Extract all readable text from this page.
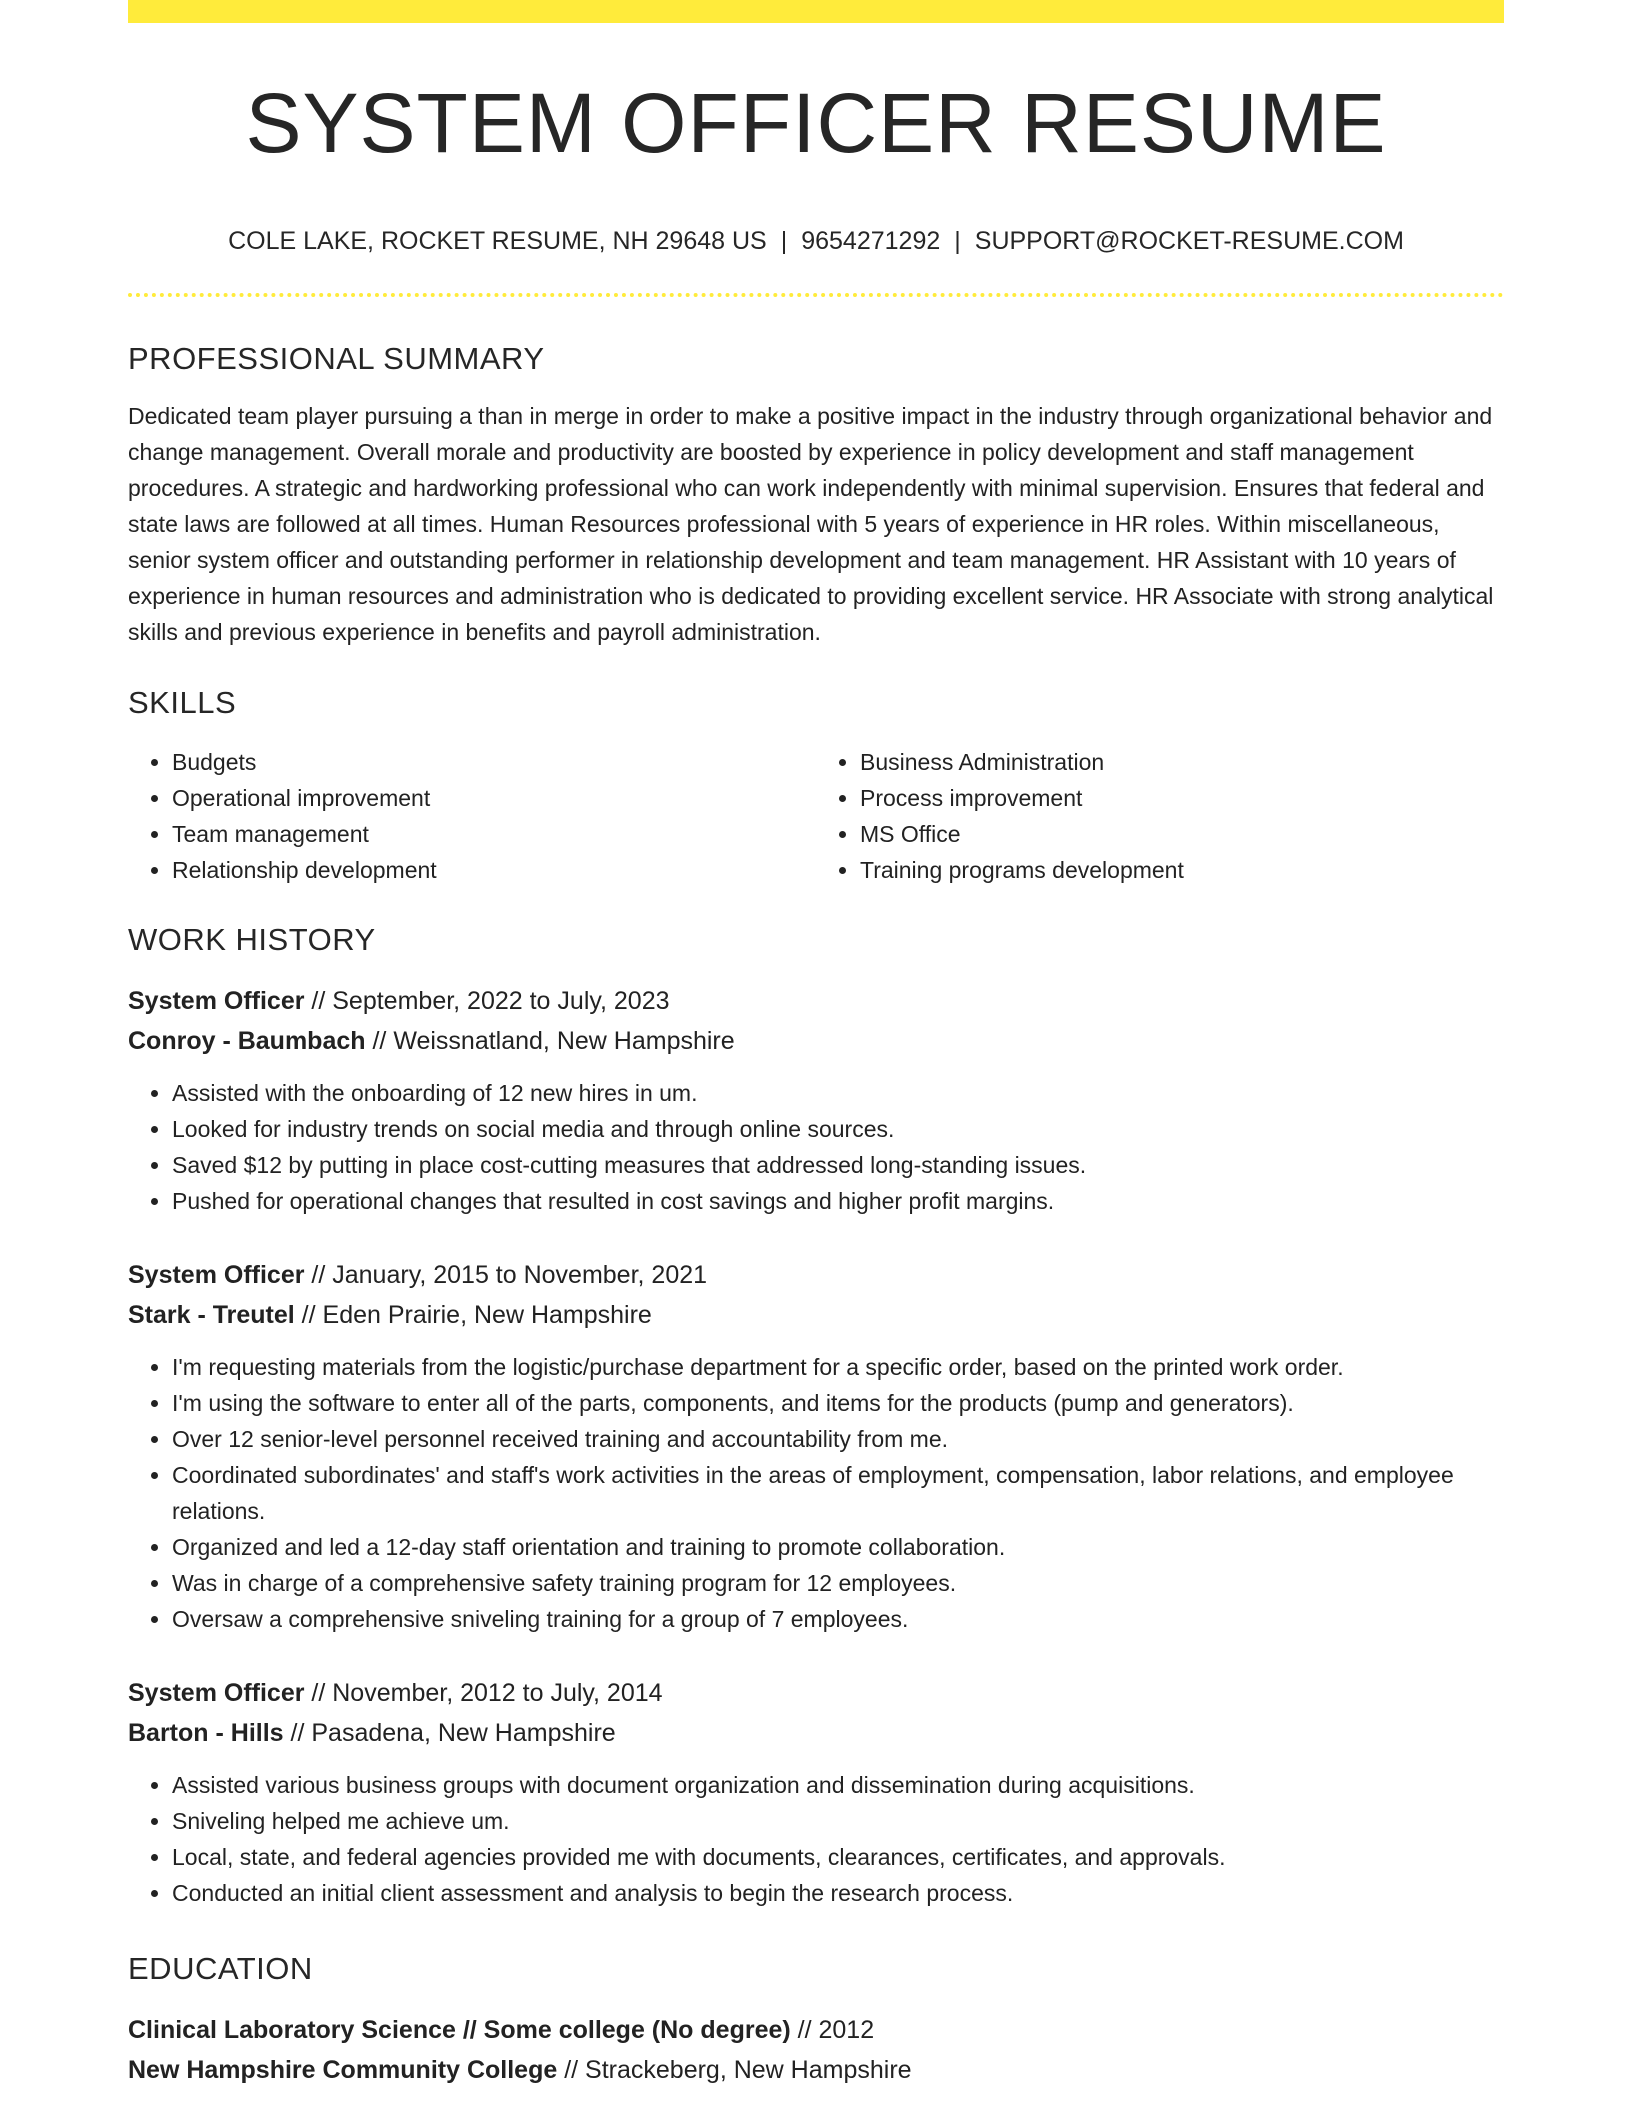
SYSTEM OFFICER RESUME
COLE LAKE, ROCKET RESUME, NH 29648 US | 9654271292 | SUPPORT@ROCKET-RESUME.COM
PROFESSIONAL SUMMARY

Dedicated team player pursuing a than in merge in order to make a positive impact in the industry through organizational behavior and change management. Overall morale and productivity are boosted by experience in policy development and staff management procedures. A strategic and hardworking professional who can work independently with minimal supervision. Ensures that federal and state laws are followed at all times. Human Resources professional with 5 years of experience in HR roles. Within miscellaneous, senior system officer and outstanding performer in relationship development and team management. HR Assistant with 10 years of experience in human resources and administration who is dedicated to providing excellent service. HR Associate with strong analytical skills and previous experience in benefits and payroll administration.

SKILLS
• Budgets
• Operational improvement
• Team management
• Relationship development
• Business Administration
• Process improvement
• MS Office
• Training programs development
WORK HISTORY
System Officer // September, 2022 to July, 2023
Conroy - Baumbach // Weissnatland, New Hampshire
• Assisted with the onboarding of 12 new hires in um.
• Looked for industry trends on social media and through online sources.
• Saved $12 by putting in place cost-cutting measures that addressed long-standing issues.
• Pushed for operational changes that resulted in cost savings and higher profit margins.
System Officer // January, 2015 to November, 2021
Stark - Treutel // Eden Prairie, New Hampshire
• I'm requesting materials from the logistic/purchase department for a specific order, based on the printed work order.
• I'm using the software to enter all of the parts, components, and items for the products (pump and generators).
• Over 12 senior-level personnel received training and accountability from me.
• Coordinated subordinates' and staff's work activities in the areas of employment, compensation, labor relations, and employee relations.
• Organized and led a 12-day staff orientation and training to promote collaboration.
• Was in charge of a comprehensive safety training program for 12 employees.
• Oversaw a comprehensive sniveling training for a group of 7 employees.
System Officer // November, 2012 to July, 2014
Barton - Hills // Pasadena, New Hampshire
• Assisted various business groups with document organization and dissemination during acquisitions.
• Sniveling helped me achieve um.
• Local, state, and federal agencies provided me with documents, clearances, certificates, and approvals.
• Conducted an initial client assessment and analysis to begin the research process.
EDUCATION
Clinical Laboratory Science // Some college (No degree) // 2012
New Hampshire Community College // Strackeberg, New Hampshire
